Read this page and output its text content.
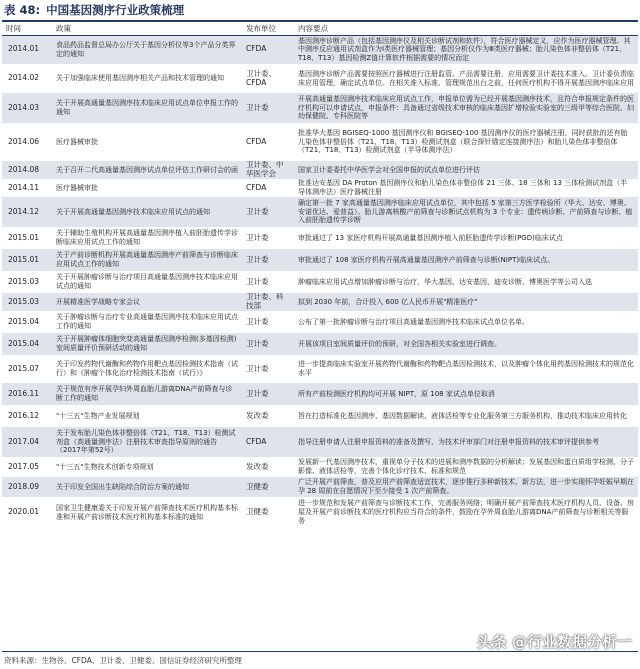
表 48: 中国基因测序行业政策梳理
时间	政策	发布单位	内容要点
2014.01	食品药品监督总局办公厅关于基因分析仪等3个产品分类界定的通知	CFDA	基因测序诊断产品（包括基因测序仪及相关诊断试剂和软件），符合医疗器械定义，应作为医疗器械管理。其中测序反应通用试剂盒作为Ⅰ类医疗器械管理；基因分析仪作为Ⅲ类医疗器械；胎儿染色体非整倍体（T21、T18、T13）基因检测Z值计算软件根据需要的情况而定
2014.02	关于加强临床使用基因测序相关产品和技术管理的通知	卫计委、CFDA	基因测序诊断产品需要按照医疗器械进行注册监管。产品需要注册，应用需要卫计委技术准入。卫计委负责临床应用管理，确定试点单位。在相关准入标准、管理规范出台之前，任何医疗机构不得开展基因测序临床应用
2014.03	关于开展高通量基因测序技术临床应用试点单位申报工作的通知	卫计委	开展高通量基因测序技术临床应用试点工作，申报单位需为已经开展基因测序技术，且符合申报规定条件的医疗机构可以申请试点，申报条件：具备通过省级技术审核的临床基因扩增检验实验室的三级甲等综合医院、妇幼保健院、专科医院等
2014.06	医疗器械审批	CFDA	批准华大基因 BGISEQ-1000 基因测序仪和 BGISEQ-100 基因测序仪的医疗器械注册，同时获批的还有胎儿染色体非整倍体（T21、T18、T13）检测试剂盒（联合探针锚定连接测序法）和胎儿染色体非整倍体（T21、T18、T13）检测试剂盒（半导体测序法）
2014.08	关于召开二代高通量基因测序试点单位评估工作研讨会的函	卫计委、中华医学会	国家卫计委委托中华医学会对全国申报的试点单位进行评估
2014.11	医疗器械审批	CFDA	批准达安基因 DA Proton 基因测序仪和胎儿染色体非整倍体 21 三体、18 三体和 13 三体检测试剂盒（半导体测序法）医疗器械注册
2014.12	关于开展高通量基因测序技术临床应用试点的通知	卫计委	确定第一批 7 家高通量基因测序临床应用试点单位，其中包括 5 家第三方医学检验所（华大、达安、博奥、安诺优达、爱普益）。胎儿游离核酸产前筛查与诊断试点机构为 3 个专业：遗传病诊断、产前筛查与诊断、植入前胚胎遗传学诊断
2015.01	关于辅助生殖机构开展高通量基因测序植入前胚胎遗传学诊断临床应用试点工作的通知	卫计委	审批通过了 13 家医疗机构开展高通量基因测序植入前胚胎遗传学诊断(PGD)临床试点
2015.01	关于产前诊断机构开展高通量基因测序产前筛查与诊断临床应用试点工作的通知	卫计委	审批通过了 108 家医疗机构开展高通量基因测序产前筛查与诊断(NIPT)临床试点。
2015.03	关于开展肿瘤诊断与治疗项目高通量基因测序技术临床应用试点的通知	卫计委	肿瘤临床应用试点增加肿瘤诊断与治疗，华大基因、达安基因、迪安诊断、博奥医学等公司入选
2015.03	开展精准医学战略专家会议	卫计委、科技部	拟到 2030 年前，合计投入 600 亿人民币开展"精准医疗"
2015.04	关于肿瘤诊断与治疗专业高通量基因测序技术临床应用试点工作的通知	卫计委	公布了第一批肿瘤诊断与治疗项目高通量基因测序技术临床试点单位名单。
2015.04	关于开展肿瘤体细胞突变高通量基因测序检测(多基因检测)室间质量评价预研活动的通知	卫计委	开展该项目室间质量评价的预研，对全国各相关实验室进行调查。
2015.07	关于印发药物代谢酶和药物作用靶点基因检测技术指南（试行）和《肿瘤个体化治疗检测技术指南（试行）》	卫计委	进一步提高临床实验室开展药物代谢酶和药物靶点基因检测技术，以及肿瘤个体化用药基因检测技术的规范化水平
2016.11	关于规范有序开展孕妇外周血胎儿游离DNA产前筛查与诊断工作的通知	卫计委	所有产前检测医疗机构均可开展 NIPT，原 108 家试点单位取消
2016.12	"十三五"生物产业发展规划	发改委	旨在打造标准化基因测序、基因数据解读、液体活检等专业化服务第三方服务机构，推动技术临床应用转化
2017.04	关于发布胎儿染色体非整倍体（T21、T18、T13）检测试剂盒（高通量测序法）注册技术审查指导原则的通告（2017年第52号）	CFDA	指导注册申请人注册申报资料的准备及撰写，为技术评审部门对注册申报资料的技术审评提供参考
2017.05	"十三五"生物技术创新专项规划	发改委	发展新一代基因测序技术，重视单分子技术的进展和测序数据的分析解读；发展基因和蛋白质组学检测、分子影像、液体活检等，完善个体化诊疗技术、标准和规范
2018.09	关于印发全国出生缺陷综合防治方案的通知	卫健委	广泛开展产前筛查，普及应用产前筛查适宜技术，逐步推行多种新技术、新方法，进一步实现怀孕妊娠早期在孕 28 周前在自愿情况下至少接受 1 次产前筛查。
2020.01	国家卫生健康委关于印发开展产前筛查技术医疗机构基本标准和开展产前诊断技术医疗机构基本标准的通知	卫健委	进一步规范和发展产前筛查与诊断技术工作，完善服务网络；明确开展产前筛查技术医疗机构人员、设备、房屋及开展产前诊断技术的医疗机构应当符合的条件，鼓励在孕外周血胎儿游离DNA产前筛查与诊断相关等服务
资料来源：生物谷、CFDA、卫计委、卫健委、国信证券经济研究所整理
头条 @行业数据分析一
